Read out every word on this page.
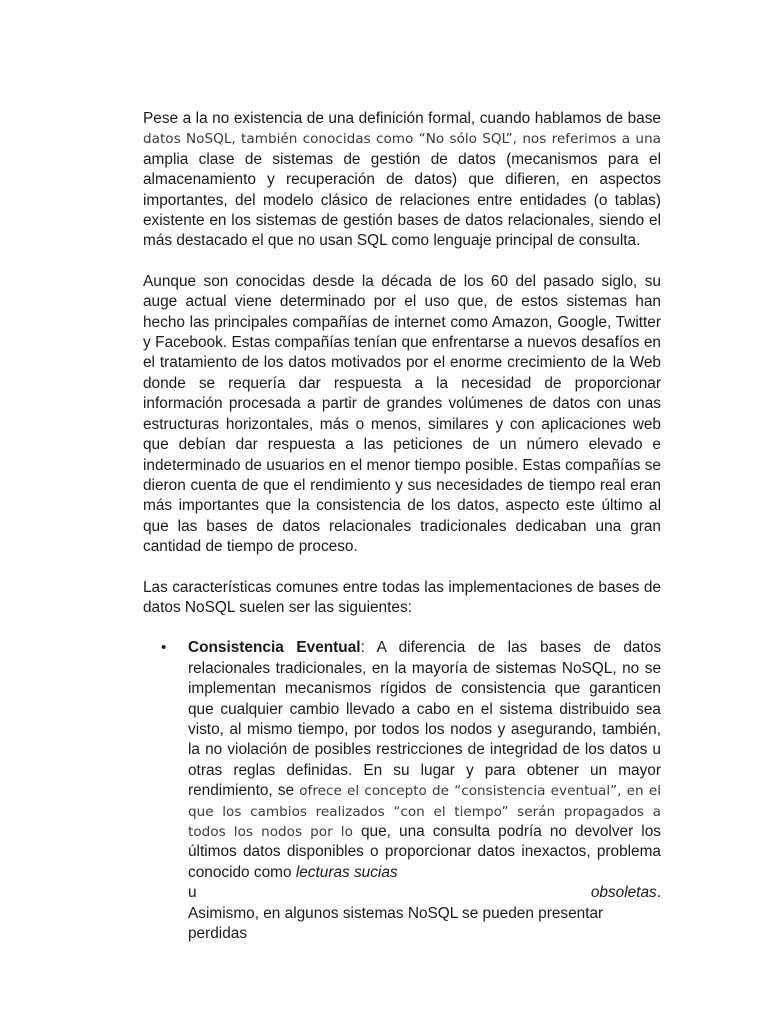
Pese a la no existencia de una definición formal, cuando hablamos de base datos NoSQL, también conocidas como “No sólo SQL”, nos referimos a una amplia clase de sistemas de gestión de datos (mecanismos para el almacenamiento y recuperación de datos) que difieren, en aspectos importantes, del modelo clásico de relaciones entre entidades (o tablas) existente en los sistemas de gestión bases de datos relacionales, siendo el más destacado el que no usan SQL como lenguaje principal de consulta.

Aunque son conocidas desde la década de los 60 del pasado siglo, su auge actual viene determinado por el uso que, de estos sistemas han hecho las principales compañías de internet como Amazon, Google, Twitter y Facebook. Estas compañías tenían que enfrentarse a nuevos desafíos en el tratamiento de los datos motivados por el enorme crecimiento de la Web donde se requería dar respuesta a la necesidad de proporcionar información procesada a partir de grandes volúmenes de datos con unas estructuras horizontales, más o menos, similares y con aplicaciones web que debían dar respuesta a las peticiones de un número elevado e indeterminado de usuarios en el menor tiempo posible. Estas compañías se dieron cuenta de que el rendimiento y sus necesidades de tiempo real eran más importantes que la consistencia de los datos, aspecto este último al que las bases de datos relacionales tradicionales dedicaban una gran cantidad de tiempo de proceso.

Las características comunes entre todas las implementaciones de bases de datos NoSQL suelen ser las siguientes:

• Consistencia Eventual: A diferencia de las bases de datos relacionales tradicionales, en la mayoría de sistemas NoSQL, no se implementan mecanismos rígidos de consistencia que garanticen que cualquier cambio llevado a cabo en el sistema distribuido sea visto, al mismo tiempo, por todos los nodos y asegurando, también, la no violación de posibles restricciones de integridad de los datos u otras reglas definidas. En su lugar y para obtener un mayor rendimiento, se ofrece el concepto de “consistencia eventual”, en el que los cambios realizados “con el tiempo” serán propagados a todos los nodos por lo que, una consulta podría no devolver los últimos datos disponibles o proporcionar datos inexactos, problema conocido como lecturas sucias
u	obsoletas.
Asimismo, en algunos sistemas NoSQL se pueden presentar perdidas
